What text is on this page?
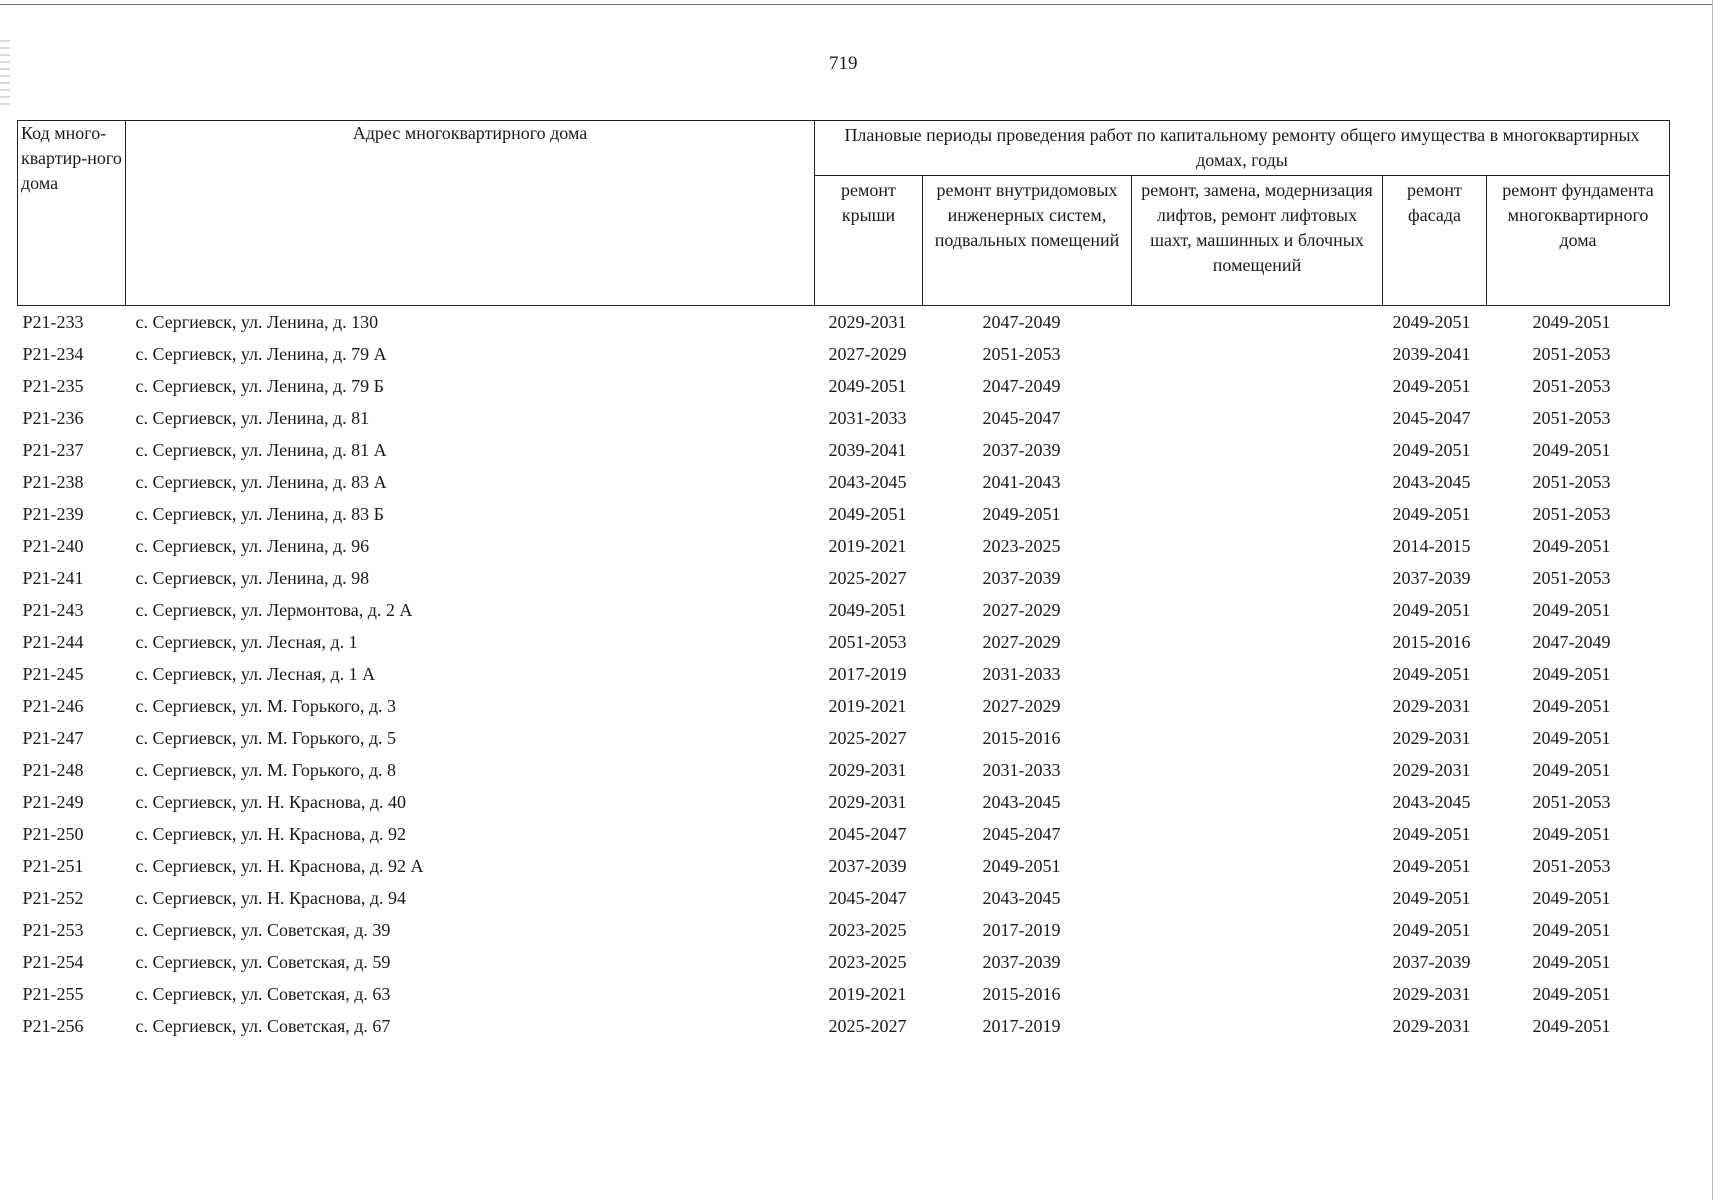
719
Код много-квартир-ного дома	Адрес многоквартирного дома	Плановые периоды проведения работ по капитальному ремонту общего имущества в многоквартирных домах, годы				
		ремонт крыши	ремонт внутридомовых инженерных систем, подвальных помещений	ремонт, замена, модернизация лифтов, ремонт лифтовых шахт, машинных и блочных помещений	ремонт фасада	ремонт фундамента многоквартирного дома
Р21-233	с. Сергиевск, ул. Ленина, д. 130	2029-2031	2047-2049		2049-2051	2049-2051
Р21-234	с. Сергиевск, ул. Ленина, д. 79 А	2027-2029	2051-2053		2039-2041	2051-2053
Р21-235	с. Сергиевск, ул. Ленина, д. 79 Б	2049-2051	2047-2049		2049-2051	2051-2053
Р21-236	с. Сергиевск, ул. Ленина, д. 81	2031-2033	2045-2047		2045-2047	2051-2053
Р21-237	с. Сергиевск, ул. Ленина, д. 81 А	2039-2041	2037-2039		2049-2051	2049-2051
Р21-238	с. Сергиевск, ул. Ленина, д. 83 А	2043-2045	2041-2043		2043-2045	2051-2053
Р21-239	с. Сергиевск, ул. Ленина, д. 83 Б	2049-2051	2049-2051		2049-2051	2051-2053
Р21-240	с. Сергиевск, ул. Ленина, д. 96	2019-2021	2023-2025		2014-2015	2049-2051
Р21-241	с. Сергиевск, ул. Ленина, д. 98	2025-2027	2037-2039		2037-2039	2051-2053
Р21-243	с. Сергиевск, ул. Лермонтова, д. 2 А	2049-2051	2027-2029		2049-2051	2049-2051
Р21-244	с. Сергиевск, ул. Лесная, д. 1	2051-2053	2027-2029		2015-2016	2047-2049
Р21-245	с. Сергиевск, ул. Лесная, д. 1 А	2017-2019	2031-2033		2049-2051	2049-2051
Р21-246	с. Сергиевск, ул. М. Горького, д. 3	2019-2021	2027-2029		2029-2031	2049-2051
Р21-247	с. Сергиевск, ул. М. Горького, д. 5	2025-2027	2015-2016		2029-2031	2049-2051
Р21-248	с. Сергиевск, ул. М. Горького, д. 8	2029-2031	2031-2033		2029-2031	2049-2051
Р21-249	с. Сергиевск, ул. Н. Краснова, д. 40	2029-2031	2043-2045		2043-2045	2051-2053
Р21-250	с. Сергиевск, ул. Н. Краснова, д. 92	2045-2047	2045-2047		2049-2051	2049-2051
Р21-251	с. Сергиевск, ул. Н. Краснова, д. 92 А	2037-2039	2049-2051		2049-2051	2051-2053
Р21-252	с. Сергиевск, ул. Н. Краснова, д. 94	2045-2047	2043-2045		2049-2051	2049-2051
Р21-253	с. Сергиевск, ул. Советская, д. 39	2023-2025	2017-2019		2049-2051	2049-2051
Р21-254	с. Сергиевск, ул. Советская, д. 59	2023-2025	2037-2039		2037-2039	2049-2051
Р21-255	с. Сергиевск, ул. Советская, д. 63	2019-2021	2015-2016		2029-2031	2049-2051
Р21-256	с. Сергиевск, ул. Советская, д. 67	2025-2027	2017-2019		2029-2031	2049-2051
